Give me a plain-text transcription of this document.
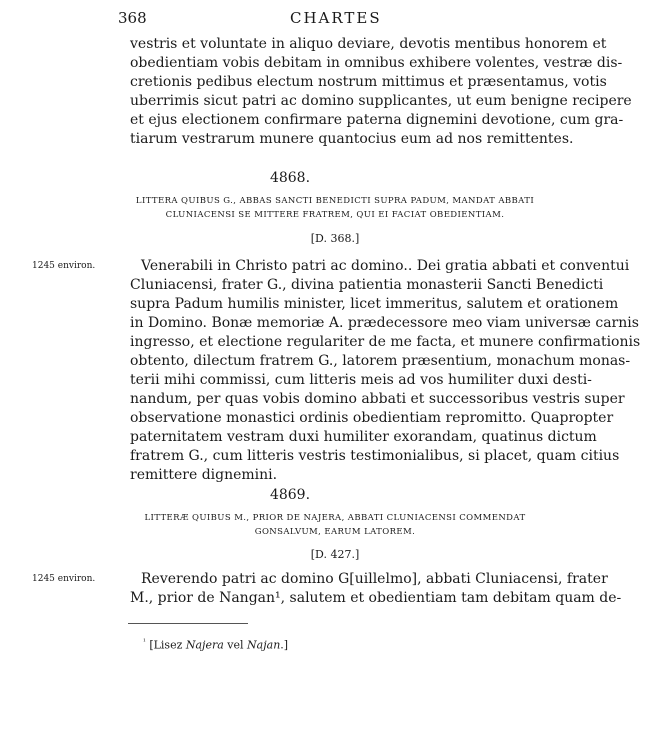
368	CHARTES
vestris et voluntate in aliquo deviare, devotis mentibus honorem et
obedientiam vobis debitam in omnibus exhibere volentes, vestræ dis-
cretionis pedibus electum nostrum mittimus et præsentamus, votis
uberrimis sicut patri ac domino supplicantes, ut eum benigne recipere
et ejus electionem confirmare paterna dignemini devotione, cum gra-
tiarum vestrarum munere quantocius eum ad nos remittentes.
4868.
LITTERA QUIBUS G., ABBAS SANCTI BENEDICTI SUPRA PADUM, MANDAT ABBATI
CLUNIACENSI SE MITTERE FRATREM, QUI EI FACIAT OBEDIENTIAM.
[D. 368.]
1245 environ.	Venerabili in Christo patri ac domino.. Dei gratia abbati et conventui
Cluniacensi, frater G., divina patientia monasterii Sancti Benedicti
supra Padum humilis minister, licet immeritus, salutem et orationem
in Domino. Bonæ memoriæ A. prædecessore meo viam universæ carnis
ingresso, et electione regulariter de me facta, et munere confirmationis
obtento, dilectum fratrem G., latorem præsentium, monachum monas-
terii mihi commissi, cum litteris meis ad vos humiliter duxi desti-
nandum, per quas vobis domino abbati et successoribus vestris super
observatione monastici ordinis obedientiam repromitto. Quapropter
paternitatem vestram duxi humiliter exorandam, quatinus dictum
fratrem G., cum litteris vestris testimonialibus, si placet, quam citius
remittere dignemini.
4869.
LITTERÆ QUIBUS M., PRIOR DE NAJERA, ABBATI CLUNIACENSI COMMENDAT
GONSALVUM, EARUM LATOREM.
[D. 427.]
1245 environ.	Reverendo patri ac domino G[uillelmo], abbati Cluniacensi, frater
M., prior de Nangan¹, salutem et obedientiam tam debitam quam de-
$^{^1}$ [Lisez Najera vel Najan.]
